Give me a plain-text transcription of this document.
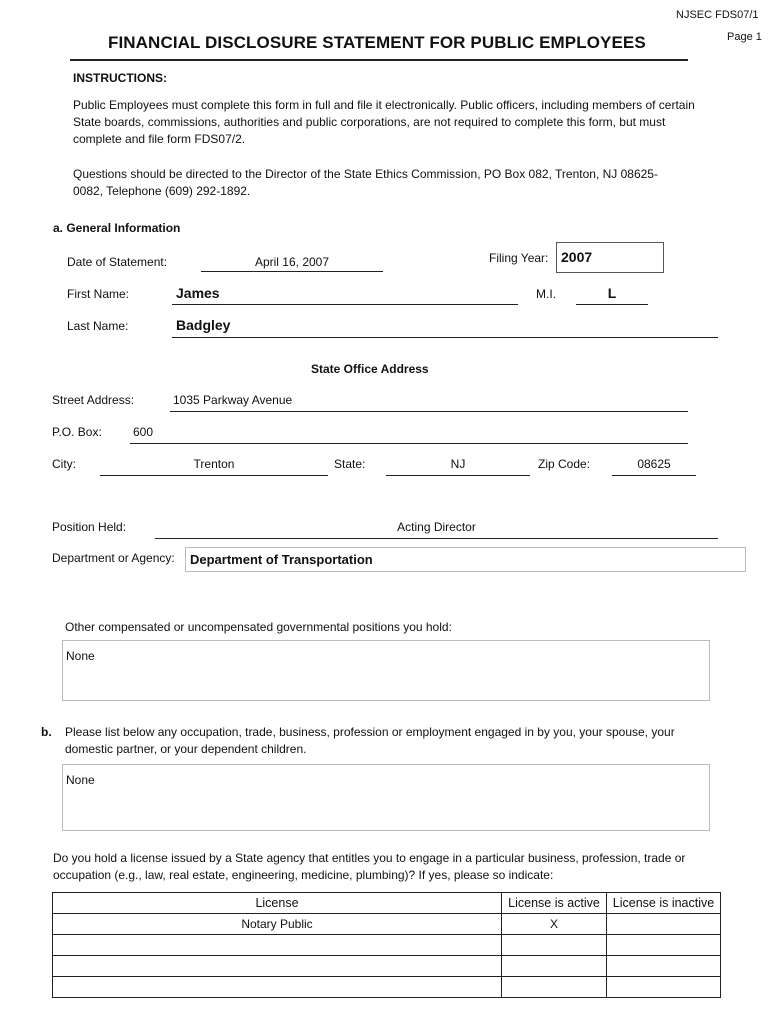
NJSEC FDS07/1
Page 1
FINANCIAL DISCLOSURE STATEMENT FOR PUBLIC EMPLOYEES
INSTRUCTIONS:
Public Employees must complete this form in full and file it electronically. Public officers, including members of certain State boards, commissions, authorities and public corporations, are not required to complete this form, but must complete and file form FDS07/2.
Questions should be directed to the Director of the State Ethics Commission, PO Box 082, Trenton, NJ 08625-0082, Telephone (609) 292-1892.
a. General Information
Date of Statement:	April 16, 2007	Filing Year: 2007
First Name:	James	M.I.	L
Last Name:	Badgley
State Office Address
Street Address:	1035 Parkway Avenue
P.O. Box:	600
City:	Trenton	State:	NJ	Zip Code:	08625
Position Held:	Acting Director
Department or Agency: Department of Transportation
Other compensated or uncompensated governmental positions you hold:
None
b. Please list below any occupation, trade, business, profession or employment engaged in by you, your spouse, your domestic partner, or your dependent children.
None
Do you hold a license issued by a State agency that entitles you to engage in a particular business, profession, trade or occupation (e.g., law, real estate, engineering, medicine, plumbing)? If yes, please so indicate:
License	License is active	License is inactive
Notary Public	X	
